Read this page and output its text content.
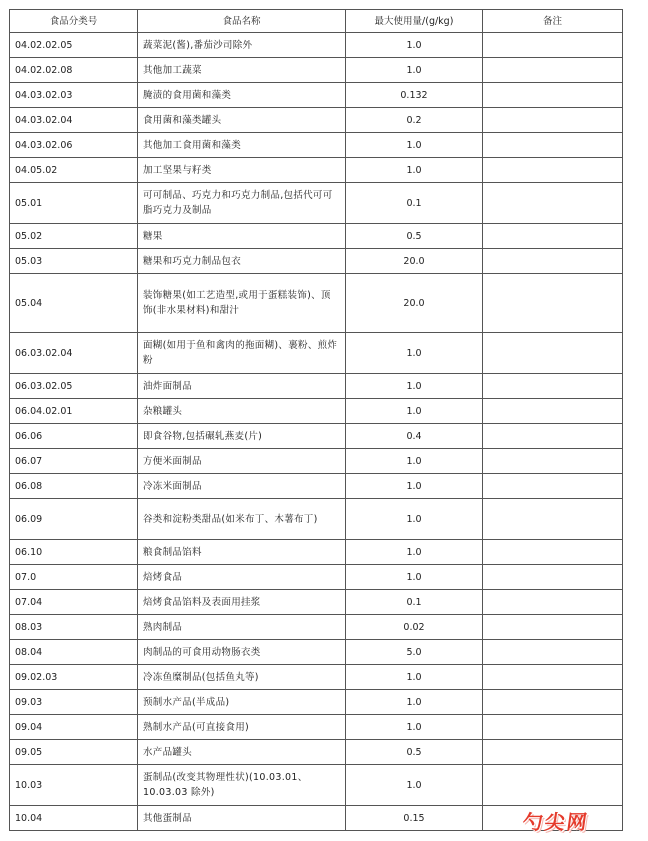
食品分类号	食品名称	最大使用量/(g/kg)	备注
04.02.02.05	蔬菜泥(酱),番茄沙司除外	1.0	
04.02.02.08	其他加工蔬菜	1.0	
04.03.02.03	腌渍的食用菌和藻类	0.132	
04.03.02.04	食用菌和藻类罐头	0.2	
04.03.02.06	其他加工食用菌和藻类	1.0	
04.05.02	加工坚果与籽类	1.0	
05.01	可可制品、巧克力和巧克力制品,包括代可可脂巧克力及制品	0.1	
05.02	糖果	0.5	
05.03	糖果和巧克力制品包衣	20.0	
05.04	装饰糖果(如工艺造型,或用于蛋糕装饰)、顶饰(非水果材料)和甜汁	20.0	
06.03.02.04	面糊(如用于鱼和禽肉的拖面糊)、裹粉、煎炸粉	1.0	
06.03.02.05	油炸面制品	1.0	
06.04.02.01	杂粮罐头	1.0	
06.06	即食谷物,包括碾轧燕麦(片)	0.4	
06.07	方便米面制品	1.0	
06.08	冷冻米面制品	1.0	
06.09	谷类和淀粉类甜品(如米布丁、木薯布丁)	1.0	
06.10	粮食制品馅料	1.0	
07.0	焙烤食品	1.0	
07.04	焙烤食品馅料及表面用挂浆	0.1	
08.03	熟肉制品	0.02	
08.04	肉制品的可食用动物肠衣类	5.0	
09.02.03	冷冻鱼糜制品(包括鱼丸等)	1.0	
09.03	预制水产品(半成品)	1.0	
09.04	熟制水产品(可直接食用)	1.0	
09.05	水产品罐头	0.5	
10.03	蛋制品(改变其物理性状)(10.03.01、10.03.03 除外)	1.0	
10.04	其他蛋制品	0.15		勺尖网
